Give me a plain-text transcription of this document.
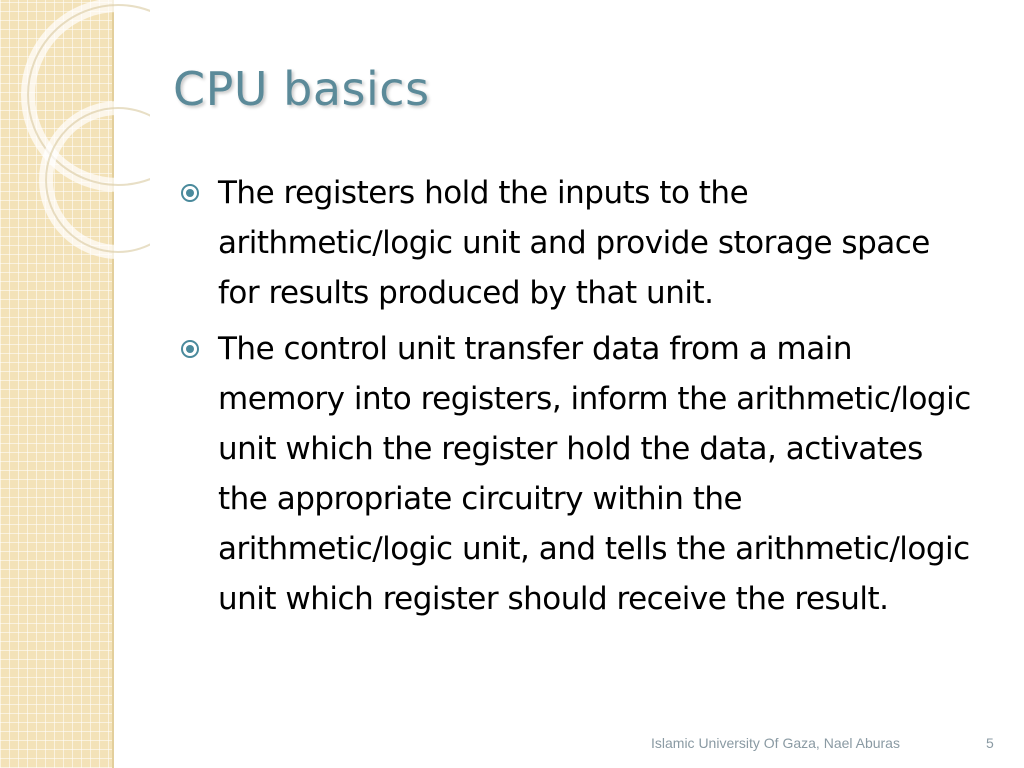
CPU basics
The registers hold the inputs to the arithmetic/logic unit and provide storage space for results produced by that unit.
The control unit transfer data from a main memory into registers, inform the arithmetic/logic unit which the register hold the data, activates the appropriate circuitry within the arithmetic/logic unit, and tells the arithmetic/logic unit which register should receive the result.
Islamic University Of Gaza, Nael Aburas	5
